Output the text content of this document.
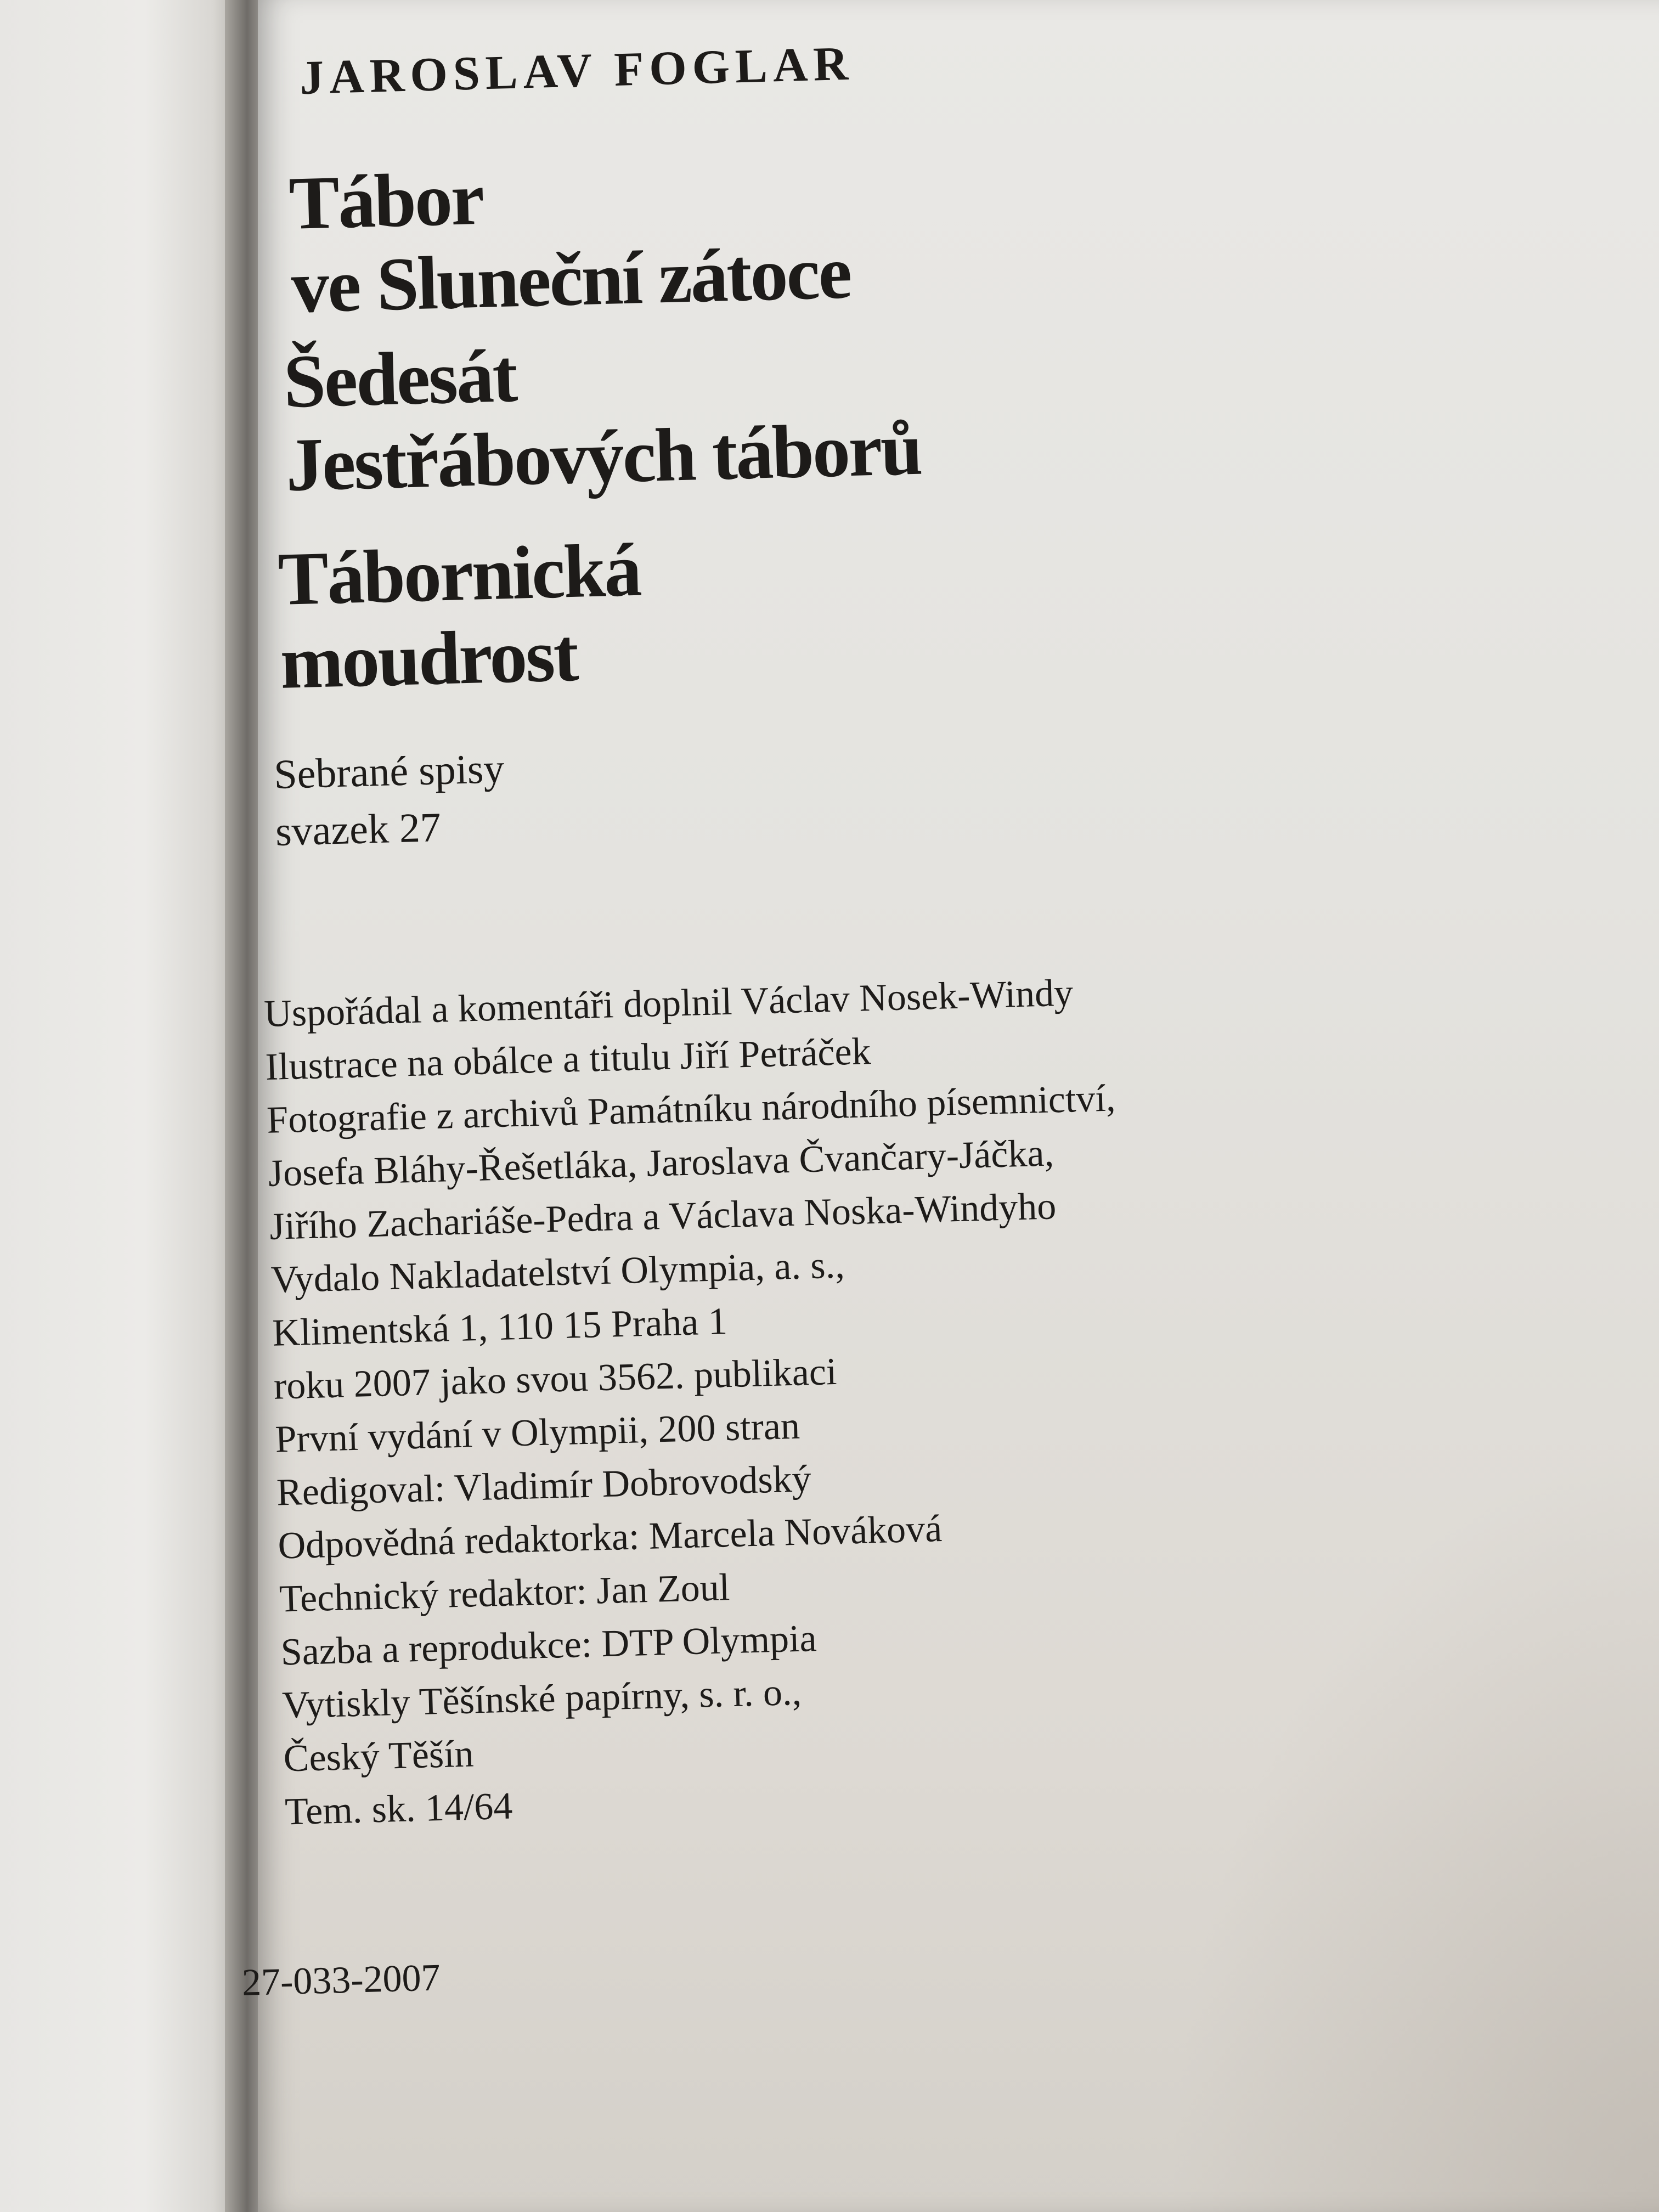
JAROSLAV FOGLAR
Tábor
ve Sluneční zátoce
Šedesát
Jestřábových táborů
Tábornická
moudrost
Sebrané spisy
svazek 27
Uspořádal a komentáři doplnil Václav Nosek-Windy
Ilustrace na obálce a titulu Jiří Petráček
Fotografie z archivů Památníku národního písemnictví,
Josefa Bláhy-Řešetláka, Jaroslava Čvančary-Jáčka,
Jiřího Zachariáše-Pedra a Václava Noska-Windyho
Vydalo Nakladatelství Olympia, a. s.,
Klimentská 1, 110 15 Praha 1
roku 2007 jako svou 3562. publikaci
První vydání v Olympii, 200 stran
Redigoval: Vladimír Dobrovodský
Odpovědná redaktorka: Marcela Nováková
Technický redaktor: Jan Zoul
Sazba a reprodukce: DTP Olympia
Vytiskly Těšínské papírny, s. r. o.,
Český Těšín
Tem. sk. 14/64
27-033-2007
